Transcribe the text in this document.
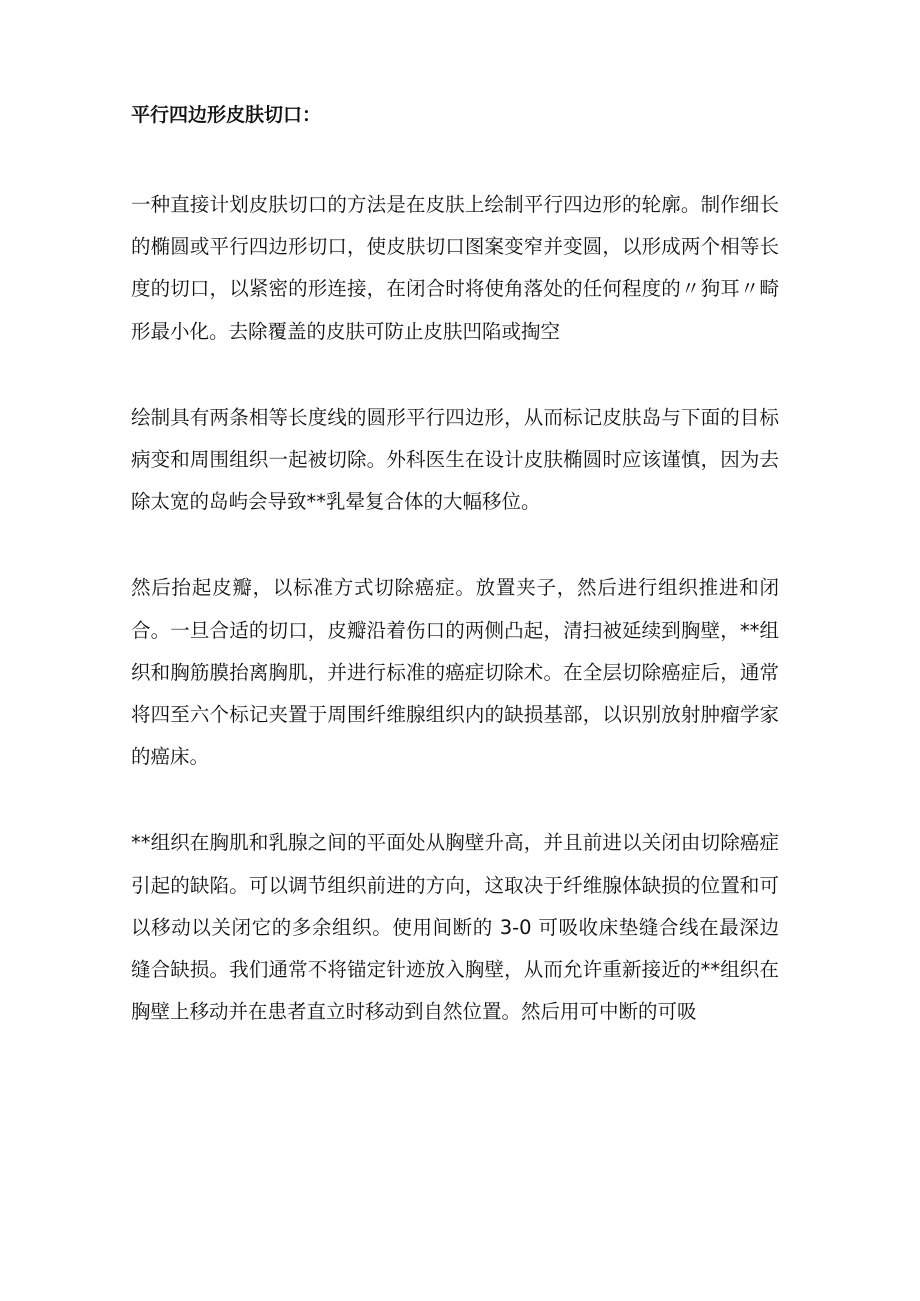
平行四边形皮肤切口：

一种直接计划皮肤切口的方法是在皮肤上绘制平行四边形的轮廓。制作细长的椭圆或平行四边形切口，使皮肤切口图案变窄并变圆，以形成两个相等长度的切口，以紧密的形连接，在闭合时将使角落处的任何程度的〃狗耳〃畸形最小化。去除覆盖的皮肤可防止皮肤凹陷或掏空

绘制具有两条相等长度线的圆形平行四边形，从而标记皮肤岛与下面的目标病变和周围组织一起被切除。外科医生在设计皮肤椭圆时应该谨慎，因为去除太宽的岛屿会导致**乳晕复合体的大幅移位。

然后抬起皮瓣，以标准方式切除癌症。放置夹子，然后进行组织推进和闭合。一旦合适的切口，皮瓣沿着伤口的两侧凸起，清扫被延续到胸壁，**组织和胸筋膜抬离胸肌，并进行标准的癌症切除术。在全层切除癌症后，通常将四至六个标记夹置于周围纤维腺组织内的缺损基部，以识别放射肿瘤学家的癌床。

**组织在胸肌和乳腺之间的平面处从胸壁升高，并且前进以关闭由切除癌症引起的缺陷。可以调节组织前进的方向，这取决于纤维腺体缺损的位置和可以移动以关闭它的多余组织。使用间断的 3-0 可吸收床垫缝合线在最深边缝合缺损。我们通常不将锚定针迹放入胸壁，从而允许重新接近的**组织在胸壁上移动并在患者直立时移动到自然位置。然后用可中断的可吸
